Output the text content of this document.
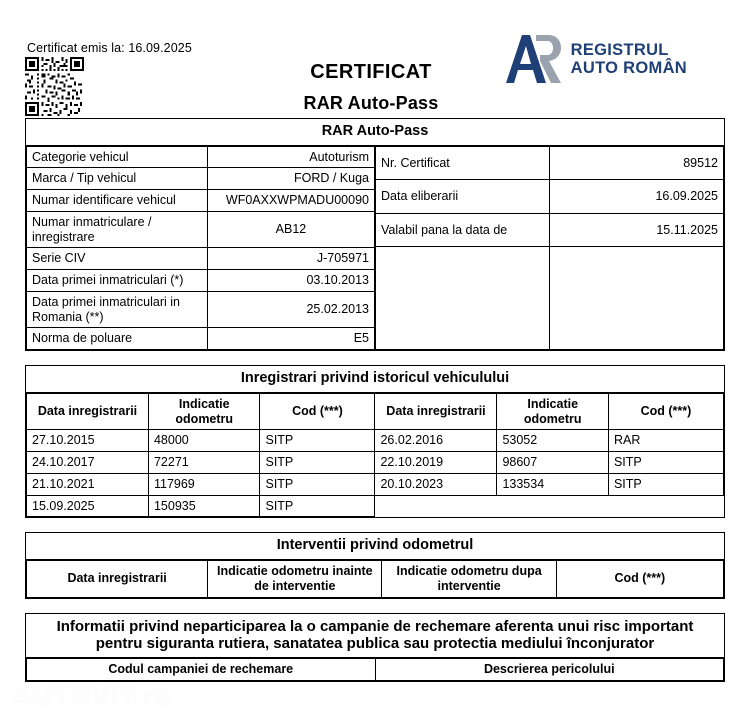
Certificat emis la: 16.09.2025
CERTIFICAT
RAR Auto-Pass
REGISTRUL
AUTO ROMÂN
RAR Auto-Pass
Categorie vehicul	Autoturism
Marca / Tip vehicul	FORD / Kuga
Numar identificare vehicul	WF0AXXWPMADU00090
Numar inmatriculare / inregistrare	AB12
Serie CIV	J-705971
Data primei inmatriculari (*)	03.10.2013
Data primei inmatriculari in Romania (**)	25.02.2013
Norma de poluare	E5
Nr. Certificat	89512
Data eliberarii	16.09.2025
Valabil pana la data de	15.11.2025

Inregistrari privind istoricul vehiculului
Data inregistrarii	Indicatie odometru	Cod (***)	Data inregistrarii	Indicatie odometru	Cod (***)
27.10.2015	48000	SITP	26.02.2016	53052	RAR
24.10.2017	72271	SITP	22.10.2019	98607	SITP
21.10.2021	117969	SITP	20.10.2023	133534	SITP
15.09.2025	150935	SITP			
Interventii privind odometrul
Data inregistrarii	Indicatie odometru inainte de interventie	Indicatie odometru dupa interventie	Cod (***)
Informatii privind neparticiparea la o campanie de rechemare aferenta unui risc important pentru siguranta rutiera, sanatatea publica sau protectia mediului înconjurator
Codul campaniei de rechemare	Descrierea pericolului
AUTOVIT.ro
